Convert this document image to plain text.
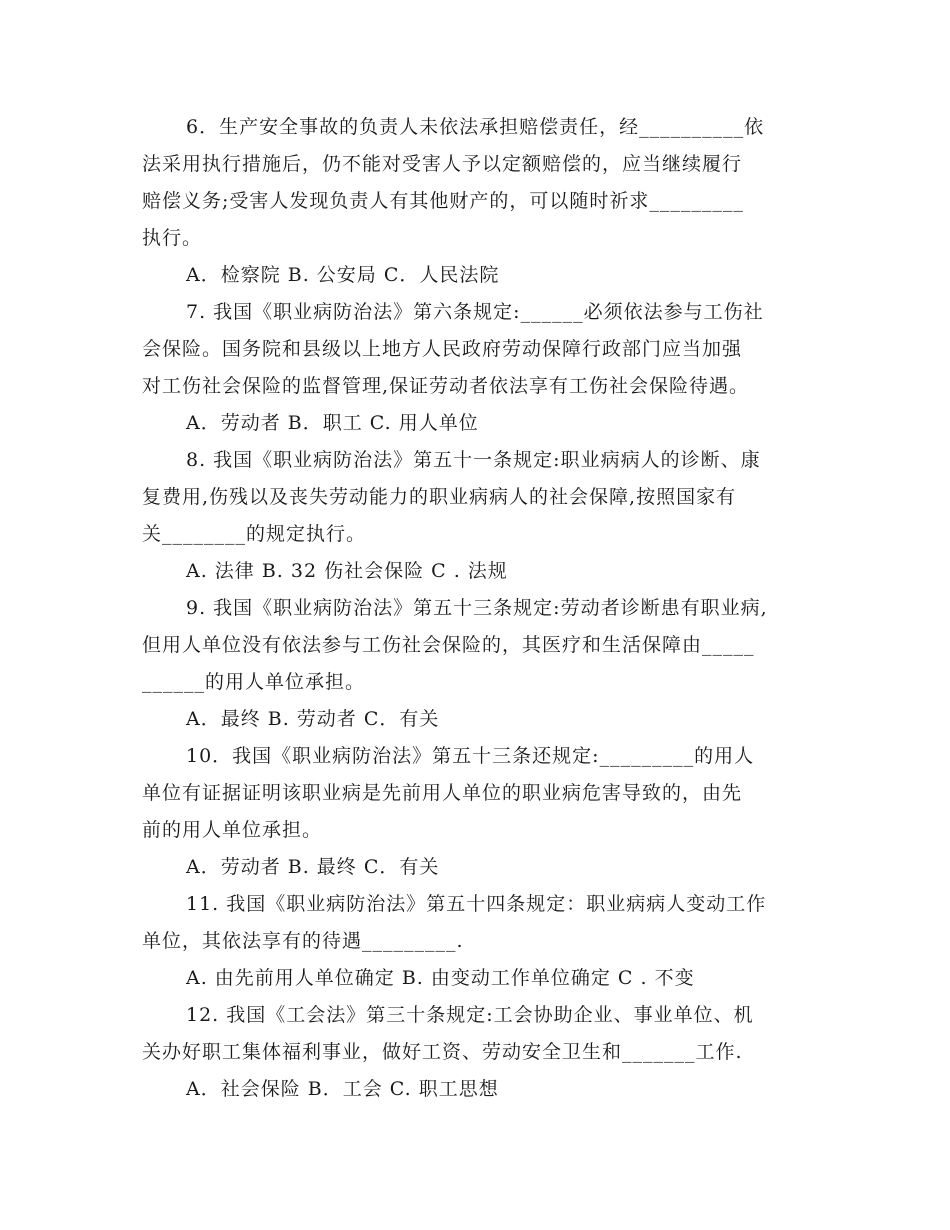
6．生产安全事故的负责人未依法承担赔偿责任，经__________依
法采用执行措施后，仍不能对受害人予以定额赔偿的，应当继续履行
赔偿义务;受害人发现负责人有其他财产的，可以随时祈求_________
执行。
A．检察院 B. 公安局 C．人民法院
7. 我国《职业病防治法》第六条规定:______必须依法参与工伤社
会保险。国务院和县级以上地方人民政府劳动保障行政部门应当加强
对工伤社会保险的监督管理,保证劳动者依法享有工伤社会保险待遇。
A．劳动者 B．职工 C. 用人单位
8. 我国《职业病防治法》第五十一条规定:职业病病人的诊断、康
复费用,伤残以及丧失劳动能力的职业病病人的社会保障,按照国家有
关________的规定执行。
A. 法律 B. 32 伤社会保险 C . 法规
9. 我国《职业病防治法》第五十三条规定:劳动者诊断患有职业病,
但用人单位没有依法参与工伤社会保险的，其医疗和生活保障由_____
______的用人单位承担。
A．最终 B. 劳动者 C．有关
10．我国《职业病防治法》第五十三条还规定:_________的用人
单位有证据证明该职业病是先前用人单位的职业病危害导致的，由先
前的用人单位承担。
A．劳动者 B. 最终 C．有关
11. 我国《职业病防治法》第五十四条规定：职业病病人变动工作
单位，其依法享有的待遇_________.
A. 由先前用人单位确定 B. 由变动工作单位确定 C . 不变
12. 我国《工会法》第三十条规定:工会协助企业、事业单位、机
关办好职工集体福利事业，做好工资、劳动安全卫生和_______工作.
A．社会保险 B．工会 C. 职工思想
